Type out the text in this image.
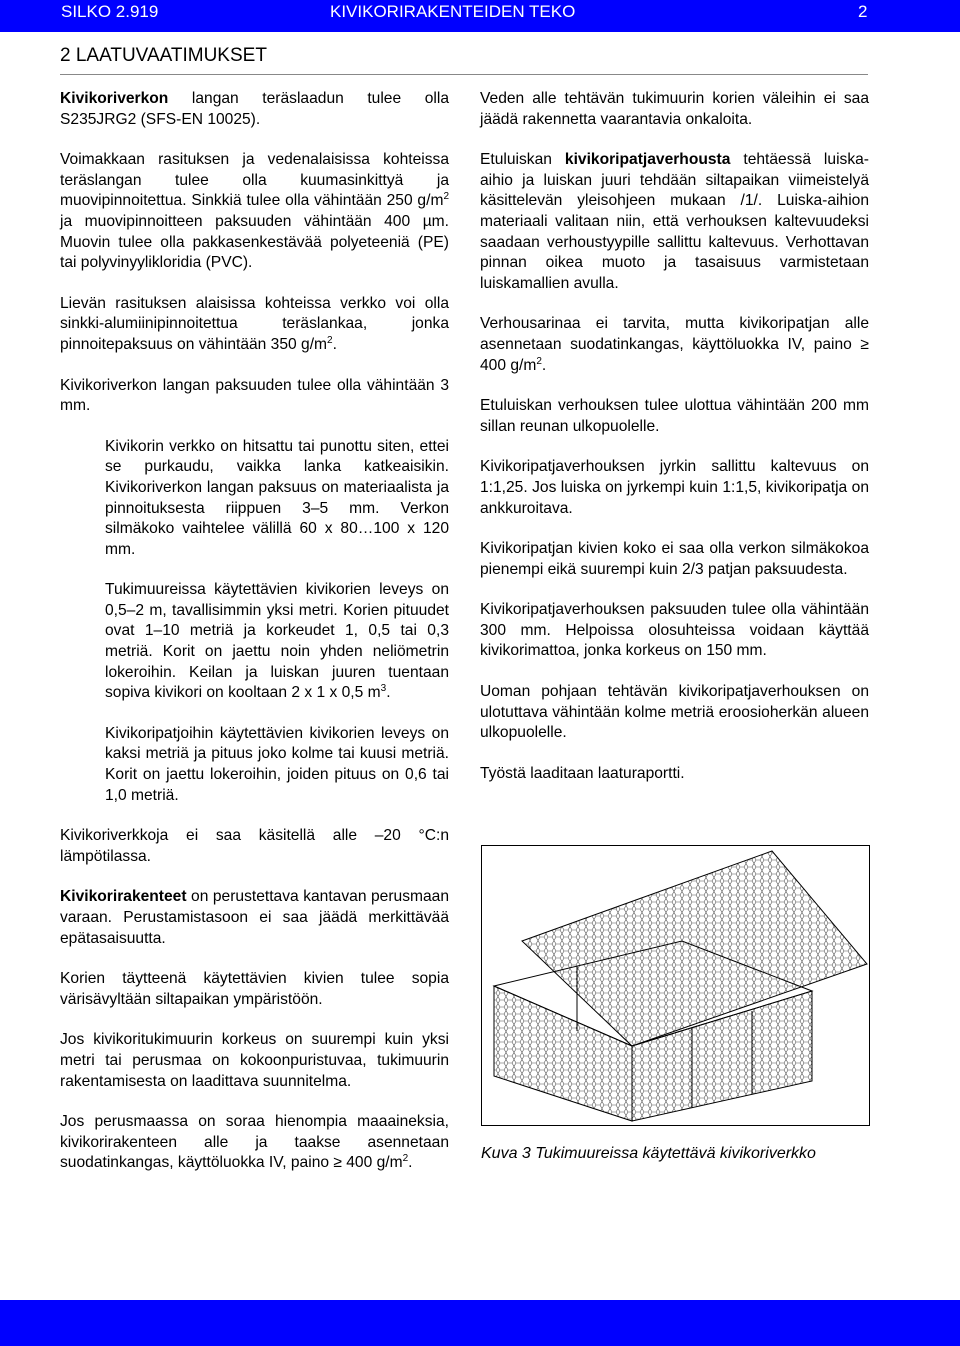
SILKO 2.919	KIVIKORIRAKENTEIDEN TEKO	2
2 LAATUVAATIMUKSET

Kivikoriverkon langan teräslaadun tulee olla S235JRG2 (SFS-EN 10025).

Voimakkaan rasituksen ja vedenalaisissa kohteissa teräslangan tulee olla kuumasinkittyä ja muovipinnoitettua. Sinkkiä tulee olla vähintään 250 $g/m^2$ ja muovipinnoitteen paksuuden vähintään 400 µm. Muovin tulee olla pakkasenkestävää polyeteeniä (PE) tai polyvinyylikloridia (PVC).

Lievän rasituksen alaisissa kohteissa verkko voi olla sinkki-alumiinipinnoitettua teräslankaa, jonka pinnoitepaksuus on vähintään 350 $g/m^2$.

Kivikoriverkon langan paksuuden tulee olla vähintään 3 mm.

Kivikorin verkko on hitsattu tai punottu siten, ettei se purkaudu, vaikka lanka katkeaisikin. Kivikoriverkon langan paksuus on materiaalista ja pinnoituksesta riippuen 3–5 mm. Verkon silmäkoko vaihtelee välillä 60 x 80…100 x 120 mm.

Tukimuureissa käytettävien kivikorien leveys on 0,5–2 m, tavallisimmin yksi metri. Korien pituudet ovat 1–10 metriä ja korkeudet 1, 0,5 tai 0,3 metriä. Korit on jaettu noin yhden neliömetrin lokeroihin. Keilan ja luiskan juuren tuentaan sopiva kivikori on kooltaan 2 x 1 x 0,5 $m^3$.

Kivikoripatjoihin käytettävien kivikorien leveys on kaksi metriä ja pituus joko kolme tai kuusi metriä. Korit on jaettu lokeroihin, joiden pituus on 0,6 tai 1,0 metriä.

Kivikoriverkkoja ei saa käsitellä alle –20 °C:n lämpötilassa.

Kivikorirakenteet on perustettava kantavan perusmaan varaan. Perustamistasoon ei saa jäädä merkittävää epätasaisuutta.

Korien täytteenä käytettävien kivien tulee sopia värisävyltään siltapaikan ympäristöön.

Jos kivikoritukimuurin korkeus on suurempi kuin yksi metri tai perusmaa on kokoonpuristuvaa, tukimuurin rakentamisesta on laadittava suunnitelma.

Jos perusmaassa on soraa hienompia maaaineksia, kivikorirakenteen alle ja taakse asennetaan suodatinkangas, käyttöluokka IV, paino ≥ 400 $g/m^2$.

Veden alle tehtävän tukimuurin korien väleihin ei saa jäädä rakennetta vaarantavia onkaloita.

Etuluiskan kivikoripatjaverhousta tehtäessä luiska-aihio ja luiskan juuri tehdään siltapaikan viimeistelyä käsittelevän yleisohjeen mukaan /1/. Luiska-aihion materiaali valitaan niin, että verhouksen kaltevuudeksi saadaan verhoustyypille sallittu kaltevuus. Verhottavan pinnan oikea muoto ja tasaisuus varmistetaan luiskamallien avulla.

Verhousarinaa ei tarvita, mutta kivikoripatjan alle asennetaan suodatinkangas, käyttöluokka IV, paino ≥ 400 $g/m^2$.

Etuluiskan verhouksen tulee ulottua vähintään 200 mm sillan reunan ulkopuolelle.

Kivikoripatjaverhouksen jyrkin sallittu kaltevuus on 1:1,25. Jos luiska on jyrkempi kuin 1:1,5, kivikoripatja on ankkuroitava.

Kivikoripatjan kivien koko ei saa olla verkon silmäkokoa pienempi eikä suurempi kuin 2/3 patjan paksuudesta.

Kivikoripatjaverhouksen paksuuden tulee olla vähintään 300 mm. Helpoissa olosuhteissa voidaan käyttää kivikorimattoa, jonka korkeus on 150 mm.

Uoman pohjaan tehtävän kivikoripatjaverhouksen on ulotuttava vähintään kolme metriä eroosioherkän alueen ulkopuolelle.

Työstä laaditaan laaturaportti.

Kuva 3 Tukimuureissa käytettävä kivikoriverkko
